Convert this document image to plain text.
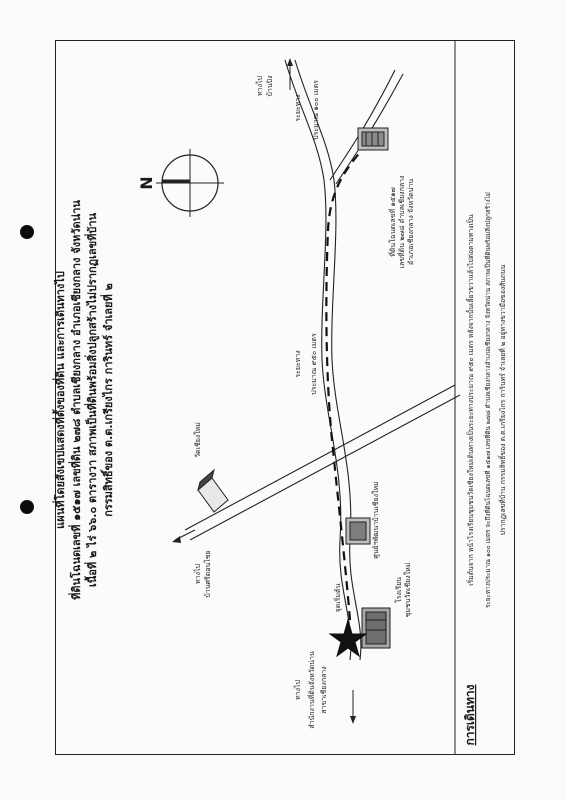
แผนที่โดยสังเขปแสดงที่ตั้งของที่ดิน และการเดินทางไป ที่ดินโฉนดเลขที่ ๑๕๑๗ เลขที่ดิน ๒๗๘ ตำบลเชียงกลาง อำเภอเชียงกลาง จังหวัดน่าน เนื้อที่ ๒ ไร่ ๖๖.๐ ตารางวา สภาพเป็นที่ดินพร้อมสิ่งปลูกสร้างไม่ปรากฏเลขที่บ้าน กรรมสิทธิ์ของ ต.ต.เกรียงไกร การินทร์ จำเลยที่ ๒
N
ทางไป บ้านปิง
ระยะทาง ประมาณ ๑๐๐ เมตร
ที่ดินโฉนดเลขที่ ๑๕๑๗ เลขที่ดิน ๒๗๘ ตำบลเชียงกลาง อำเภอเชียงกลาง จังหวัดน่าน
ระยะทาง ประมาณ ๙๕๐ เมตร
วัดเชียงใหม่
ศูนย์ฯพัฒนาบ้านเชียงใหม่
โรงเรียน ชุมชนวัดเชียงใหม่
จุดเริ่มต้น
ทางไป บ้านศรีดอนไชย
ทางไป สำนักงานที่ดินจังหวัดน่าน สาขาเชียงกลาง	การเดินทาง
เริ่มต้นจาก หน้าโรงเรียนชุมชนวัดเชียงใหม่เดินทางเป็นระยะทางประมาณ ๙๕๐ เมตร หลังจากนั้นเลี้ยวขวาแล้วไปต่อตามทางเป็น	ระยะทางประมาณ ๑๐๐ เมตร จะถึงที่ดินโฉนดเลขที่ ๑๕๑๗ เลขที่ดิน ๒๗๘ ตำบลเชียงกลางอำเภอเชียงกลาง จังหวัดน่าน สภาพเป็นที่ดินพร้อมสิ่งปลูกสร้างไม่ ปรากฏเลขที่บ้าน กรรมสิทธิ์ของ ต.ต.เกรียงไกร การินทร์ จำเลยที่ ๒ อยู่ทางขวามือของสันถนน
